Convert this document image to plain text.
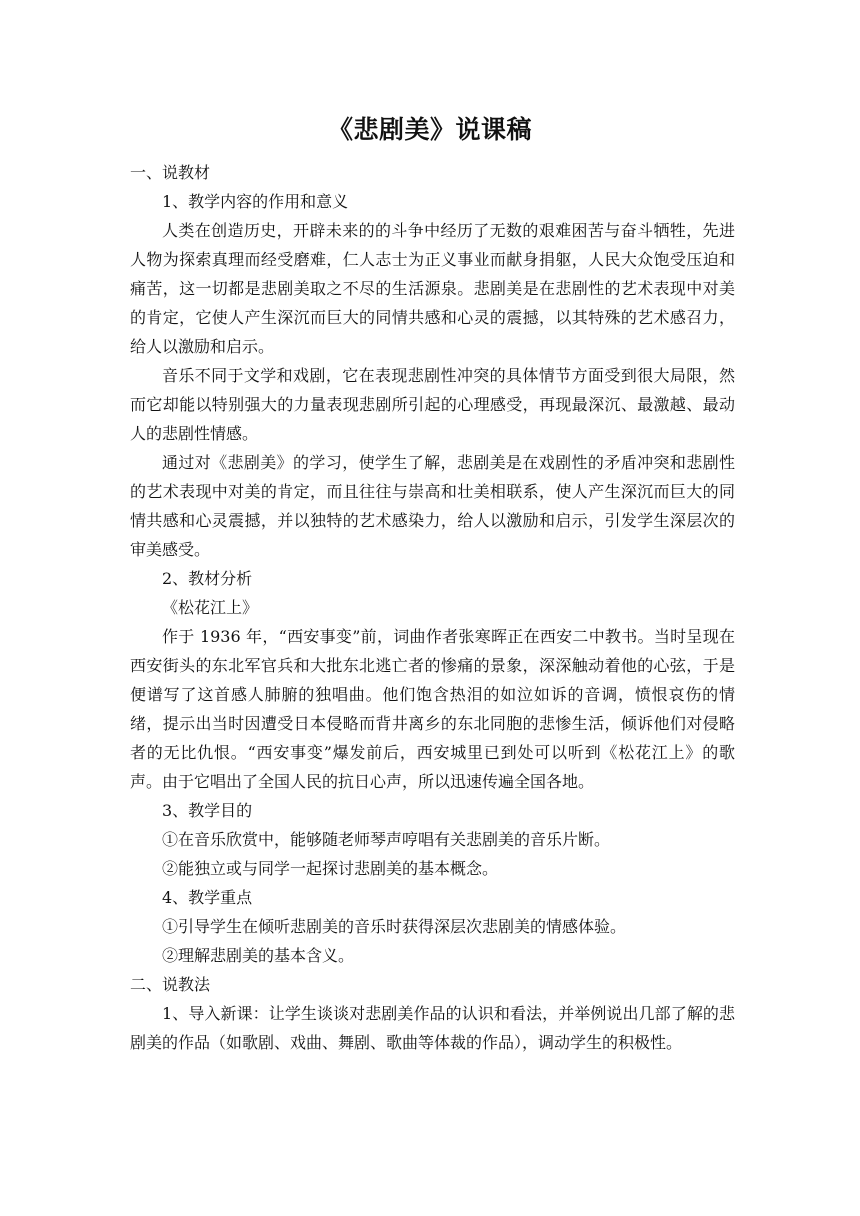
《悲剧美》说课稿

一、说教材

1、教学内容的作用和意义

人类在创造历史，开辟未来的的斗争中经历了无数的艰难困苦与奋斗牺牲，先进人物为探索真理而经受磨难，仁人志士为正义事业而献身捐躯，人民大众饱受压迫和痛苦，这一切都是悲剧美取之不尽的生活源泉。悲剧美是在悲剧性的艺术表现中对美的肯定，它使人产生深沉而巨大的同情共感和心灵的震撼，以其特殊的艺术感召力，给人以激励和启示。

音乐不同于文学和戏剧，它在表现悲剧性冲突的具体情节方面受到很大局限，然而它却能以特别强大的力量表现悲剧所引起的心理感受，再现最深沉、最激越、最动人的悲剧性情感。

通过对《悲剧美》的学习，使学生了解，悲剧美是在戏剧性的矛盾冲突和悲剧性的艺术表现中对美的肯定，而且往往与崇高和壮美相联系，使人产生深沉而巨大的同情共感和心灵震撼，并以独特的艺术感染力，给人以激励和启示，引发学生深层次的审美感受。

2、教材分析

《松花江上》

作于 1936 年，“西安事变”前，词曲作者张寒晖正在西安二中教书。当时呈现在西安街头的东北军官兵和大批东北逃亡者的惨痛的景象，深深触动着他的心弦，于是便谱写了这首感人肺腑的独唱曲。他们饱含热泪的如泣如诉的音调，愤恨哀伤的情绪，提示出当时因遭受日本侵略而背井离乡的东北同胞的悲惨生活，倾诉他们对侵略者的无比仇恨。“西安事变”爆发前后，西安城里已到处可以听到《松花江上》的歌声。由于它唱出了全国人民的抗日心声，所以迅速传遍全国各地。

3、教学目的

①在音乐欣赏中，能够随老师琴声哼唱有关悲剧美的音乐片断。

②能独立或与同学一起探讨悲剧美的基本概念。

4、教学重点

①引导学生在倾听悲剧美的音乐时获得深层次悲剧美的情感体验。

②理解悲剧美的基本含义。

二、说教法

1、导入新课：让学生谈谈对悲剧美作品的认识和看法，并举例说出几部了解的悲剧美的作品（如歌剧、戏曲、舞剧、歌曲等体裁的作品），调动学生的积极性。
